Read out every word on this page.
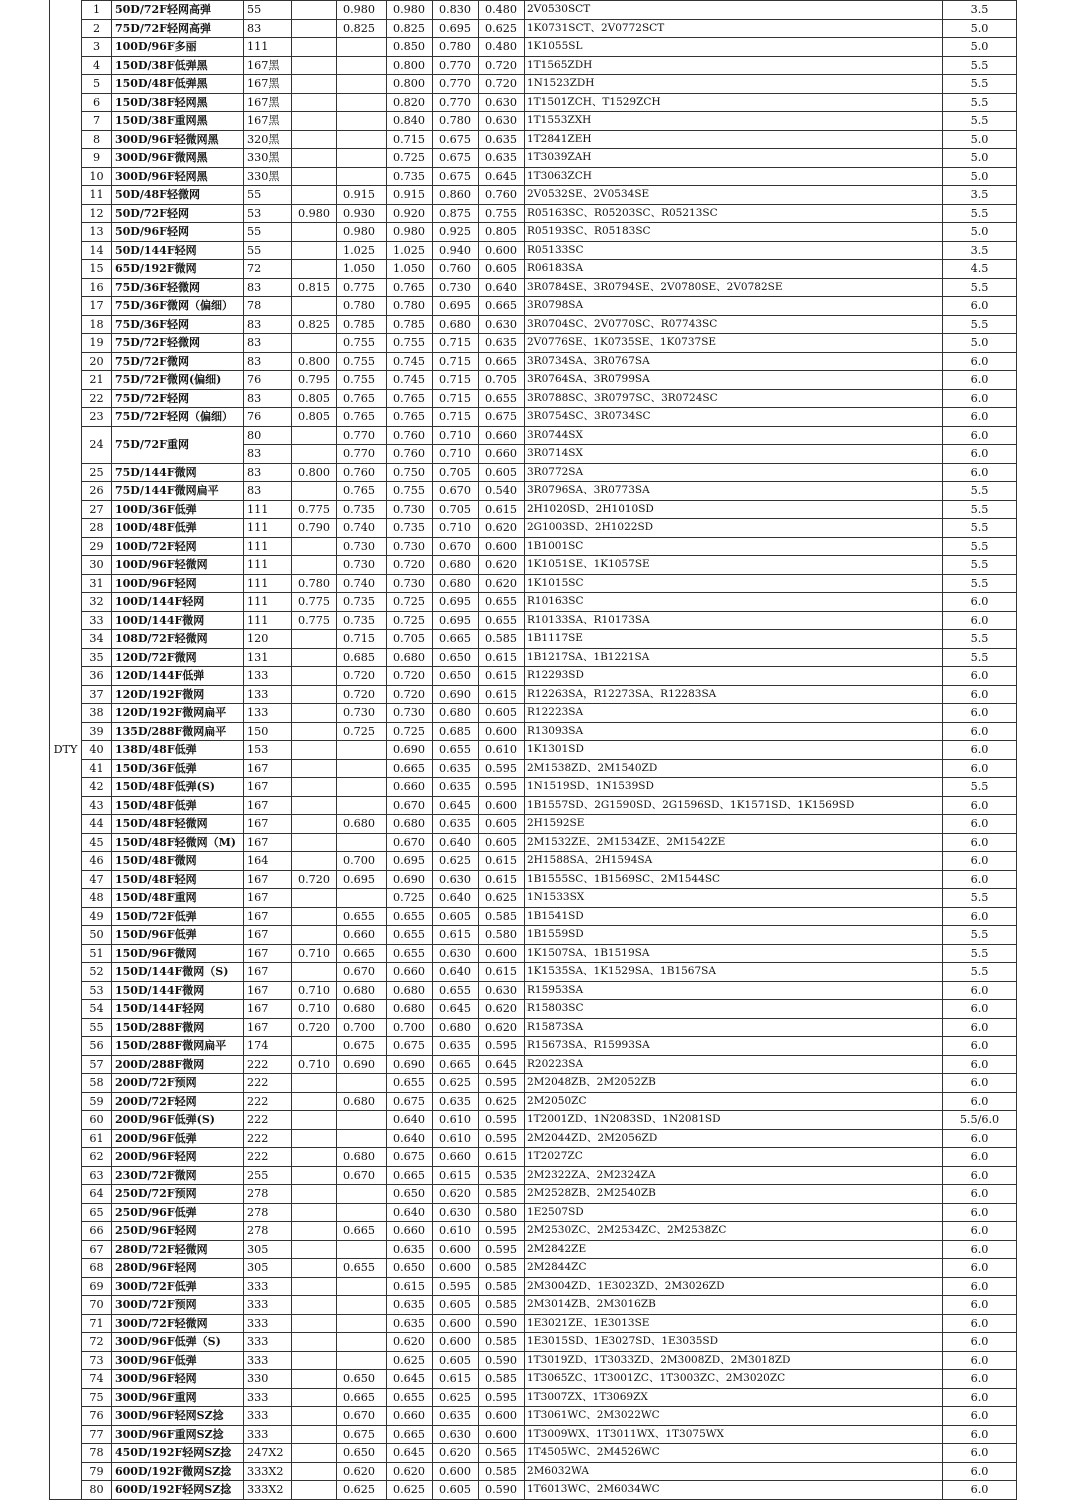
DTY	1	50D/72F轻网高弹	55		0.980	0.980	0.830	0.480	2V0530SCT	3.5
	2	75D/72F轻网高弹	83		0.825	0.825	0.695	0.625	1K0731SCT、2V0772SCT	5.0
	3	100D/96F多丽	111			0.850	0.780	0.480	1K1055SL	5.0
	4	150D/38F低弹黑	167黑			0.800	0.770	0.720	1T1565ZDH	5.5
	5	150D/48F低弹黑	167黑			0.800	0.770	0.720	1N1523ZDH	5.5
	6	150D/38F轻网黑	167黑			0.820	0.770	0.630	1T1501ZCH、T1529ZCH	5.5
	7	150D/38F重网黑	167黑			0.840	0.780	0.630	1T1553ZXH	5.5
	8	300D/96F轻微网黑	320黑			0.715	0.675	0.635	1T2841ZEH	5.0
	9	300D/96F微网黑	330黑			0.725	0.675	0.635	1T3039ZAH	5.0
	10	300D/96F轻网黑	330黑			0.735	0.675	0.645	1T3063ZCH	5.0
	11	50D/48F轻微网	55		0.915	0.915	0.860	0.760	2V0532SE、2V0534SE	3.5
	12	50D/72F轻网	53	0.980	0.930	0.920	0.875	0.755	R05163SC、R05203SC、R05213SC	5.5
	13	50D/96F轻网	55		0.980	0.980	0.925	0.805	R05193SC、R05183SC	5.0
	14	50D/144F轻网	55		1.025	1.025	0.940	0.600	R05133SC	3.5
	15	65D/192F微网	72		1.050	1.050	0.760	0.605	R06183SA	4.5
	16	75D/36F轻微网	83	0.815	0.775	0.765	0.730	0.640	3R0784SE、3R0794SE、2V0780SE、2V0782SE	5.5
	17	75D/36F微网（偏细）	78		0.780	0.780	0.695	0.665	3R0798SA	6.0
	18	75D/36F轻网	83	0.825	0.785	0.785	0.680	0.630	3R0704SC、2V0770SC、R07743SC	5.5
	19	75D/72F轻微网	83		0.755	0.755	0.715	0.635	2V0776SE、1K0735SE、1K0737SE	5.0
	20	75D/72F微网	83	0.800	0.755	0.745	0.715	0.665	3R0734SA、3R0767SA	6.0
	21	75D/72F微网(偏细)	76	0.795	0.755	0.745	0.715	0.705	3R0764SA、3R0799SA	6.0
	22	75D/72F轻网	83	0.805	0.765	0.765	0.715	0.655	3R0788SC、3R0797SC、3R0724SC	6.0
	23	75D/72F轻网（偏细）	76	0.805	0.765	0.765	0.715	0.675	3R0754SC、3R0734SC	6.0
	24	75D/72F重网	80		0.770	0.760	0.710	0.660	3R0744SX	6.0
			83		0.770	0.760	0.710	0.660	3R0714SX	6.0
	25	75D/144F微网	83	0.800	0.760	0.750	0.705	0.605	3R0772SA	6.0
	26	75D/144F微网扁平	83		0.765	0.755	0.670	0.540	3R0796SA、3R0773SA	5.5
	27	100D/36F低弹	111	0.775	0.735	0.730	0.705	0.615	2H1020SD、2H1010SD	5.5
	28	100D/48F低弹	111	0.790	0.740	0.735	0.710	0.620	2G1003SD、2H1022SD	5.5
	29	100D/72F轻网	111		0.730	0.730	0.670	0.600	1B1001SC	5.5
	30	100D/96F轻微网	111		0.730	0.720	0.680	0.620	1K1051SE、1K1057SE	5.5
	31	100D/96F轻网	111	0.780	0.740	0.730	0.680	0.620	1K1015SC	5.5
	32	100D/144F轻网	111	0.775	0.735	0.725	0.695	0.655	R10163SC	6.0
	33	100D/144F微网	111	0.775	0.735	0.725	0.695	0.655	R10133SA、R10173SA	6.0
	34	108D/72F轻微网	120		0.715	0.705	0.665	0.585	1B1117SE	5.5
	35	120D/72F微网	131		0.685	0.680	0.650	0.615	1B1217SA、1B1221SA	5.5
	36	120D/144F低弹	133		0.720	0.720	0.650	0.615	R12293SD	6.0
	37	120D/192F微网	133		0.720	0.720	0.690	0.615	R12263SA，R12273SA、R12283SA	6.0
	38	120D/192F微网扁平	133		0.730	0.730	0.680	0.605	R12223SA	6.0
	39	135D/288F微网扁平	150		0.725	0.725	0.685	0.600	R13093SA	6.0
	40	138D/48F低弹	153			0.690	0.655	0.610	1K1301SD	6.0
	41	150D/36F低弹	167			0.665	0.635	0.595	2M1538ZD、2M1540ZD	6.0
	42	150D/48F低弹(S)	167			0.660	0.635	0.595	1N1519SD、1N1539SD	5.5
	43	150D/48F低弹	167			0.670	0.645	0.600	1B1557SD、2G1590SD、2G1596SD、1K1571SD、1K1569SD	6.0
	44	150D/48F轻微网	167		0.680	0.680	0.635	0.605	2H1592SE	6.0
	45	150D/48F轻微网（M)	167			0.670	0.640	0.605	2M1532ZE、2M1534ZE、2M1542ZE	6.0
	46	150D/48F微网	164		0.700	0.695	0.625	0.615	2H1588SA、2H1594SA	6.0
	47	150D/48F轻网	167	0.720	0.695	0.690	0.630	0.615	1B1555SC、1B1569SC、2M1544SC	6.0
	48	150D/48F重网	167			0.725	0.640	0.625	1N1533SX	5.5
	49	150D/72F低弹	167		0.655	0.655	0.605	0.585	1B1541SD	6.0
	50	150D/96F低弹	167		0.660	0.655	0.615	0.580	1B1559SD	5.5
	51	150D/96F微网	167	0.710	0.665	0.655	0.630	0.600	1K1507SA、1B1519SA	5.5
	52	150D/144F微网（S)	167		0.670	0.660	0.640	0.615	1K1535SA、1K1529SA、1B1567SA	5.5
	53	150D/144F微网	167	0.710	0.680	0.680	0.655	0.630	R15953SA	6.0
	54	150D/144F轻网	167	0.710	0.680	0.680	0.645	0.620	R15803SC	6.0
	55	150D/288F微网	167	0.720	0.700	0.700	0.680	0.620	R15873SA	6.0
	56	150D/288F微网扁平	174		0.675	0.675	0.635	0.595	R15673SA、R15993SA	6.0
	57	200D/288F微网	222	0.710	0.690	0.690	0.665	0.645	R20223SA	6.0
	58	200D/72F预网	222			0.655	0.625	0.595	2M2048ZB、2M2052ZB	6.0
	59	200D/72F轻网	222		0.680	0.675	0.635	0.625	2M2050ZC	6.0
	60	200D/96F低弹(S)	222			0.640	0.610	0.595	1T2001ZD、1N2083SD、1N2081SD	5.5/6.0
	61	200D/96F低弹	222			0.640	0.610	0.595	2M2044ZD、2M2056ZD	6.0
	62	200D/96F轻网	222		0.680	0.675	0.660	0.615	1T2027ZC	6.0
	63	230D/72F微网	255		0.670	0.665	0.615	0.535	2M2322ZA、2M2324ZA	6.0
	64	250D/72F预网	278			0.650	0.620	0.585	2M2528ZB、2M2540ZB	6.0
	65	250D/96F低弹	278			0.640	0.630	0.580	1E2507SD	6.0
	66	250D/96F轻网	278		0.665	0.660	0.610	0.595	2M2530ZC、2M2534ZC、2M2538ZC	6.0
	67	280D/72F轻微网	305			0.635	0.600	0.595	2M2842ZE	6.0
	68	280D/96F轻网	305		0.655	0.650	0.600	0.585	2M2844ZC	6.0
	69	300D/72F低弹	333			0.615	0.595	0.585	2M3004ZD、1E3023ZD、2M3026ZD	6.0
	70	300D/72F预网	333			0.635	0.605	0.585	2M3014ZB、2M3016ZB	6.0
	71	300D/72F轻微网	333			0.635	0.600	0.590	1E3021ZE、1E3013SE	6.0
	72	300D/96F低弹（S)	333			0.620	0.600	0.585	1E3015SD、1E3027SD、1E3035SD	6.0
	73	300D/96F低弹	333			0.625	0.605	0.590	1T3019ZD、1T3033ZD、2M3008ZD、2M3018ZD	6.0
	74	300D/96F轻网	330		0.650	0.645	0.615	0.585	1T3065ZC、1T3001ZC、1T3003ZC、2M3020ZC	6.0
	75	300D/96F重网	333		0.665	0.655	0.625	0.595	1T3007ZX、1T3069ZX	6.0
	76	300D/96F轻网SZ捻	333		0.670	0.660	0.635	0.600	1T3061WC、2M3022WC	6.0
	77	300D/96F重网SZ捻	333		0.675	0.665	0.630	0.600	1T3009WX、1T3011WX、1T3075WX	6.0
	78	450D/192F轻网SZ捻	247X2		0.650	0.645	0.620	0.565	1T4505WC、2M4526WC	6.0
	79	600D/192F微网SZ捻	333X2		0.620	0.620	0.600	0.585	2M6032WA	6.0
	80	600D/192F轻网SZ捻	333X2		0.625	0.625	0.605	0.590	1T6013WC、2M6034WC	6.0
